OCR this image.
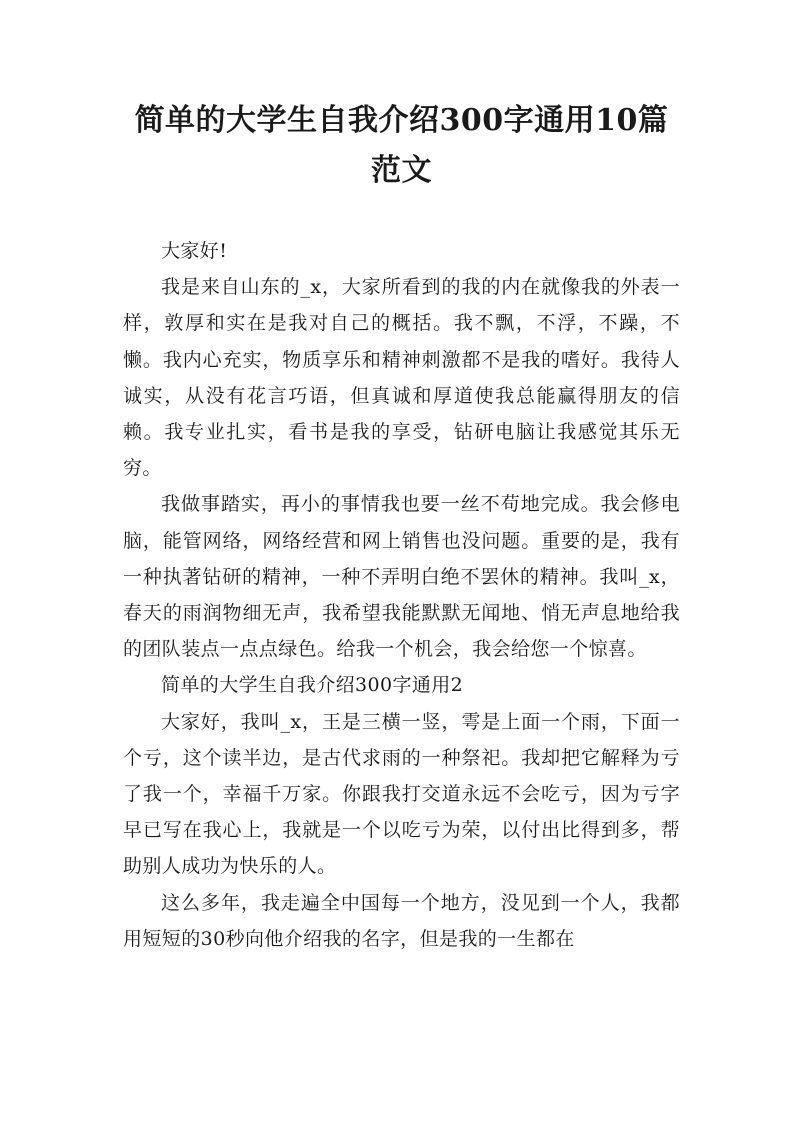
简单的大学生自我介绍300字通用10篇范文

大家好!

我是来自山东的_x，大家所看到的我的内在就像我的外表一样，敦厚和实在是我对自己的概括。我不飘，不浮，不躁，不懒。我内心充实，物质享乐和精神刺激都不是我的嗜好。我待人诚实，从没有花言巧语，但真诚和厚道使我总能赢得朋友的信赖。我专业扎实，看书是我的享受，钻研电脑让我感觉其乐无穷。

我做事踏实，再小的事情我也要一丝不苟地完成。我会修电脑，能管网络，网络经营和网上销售也没问题。重要的是，我有一种执著钻研的精神，一种不弄明白绝不罢休的精神。我叫_x，春天的雨润物细无声，我希望我能默默无闻地、悄无声息地给我的团队装点一点点绿色。给我一个机会，我会给您一个惊喜。

简单的大学生自我介绍300字通用2

大家好，我叫_x，王是三横一竖，雩是上面一个雨，下面一个亏，这个读半边，是古代求雨的一种祭祀。我却把它解释为亏了我一个，幸福千万家。你跟我打交道永远不会吃亏，因为亏字早已写在我心上，我就是一个以吃亏为荣，以付出比得到多，帮助别人成功为快乐的人。

这么多年，我走遍全中国每一个地方，没见到一个人，我都用短短的30秒向他介绍我的名字，但是我的一生都在
